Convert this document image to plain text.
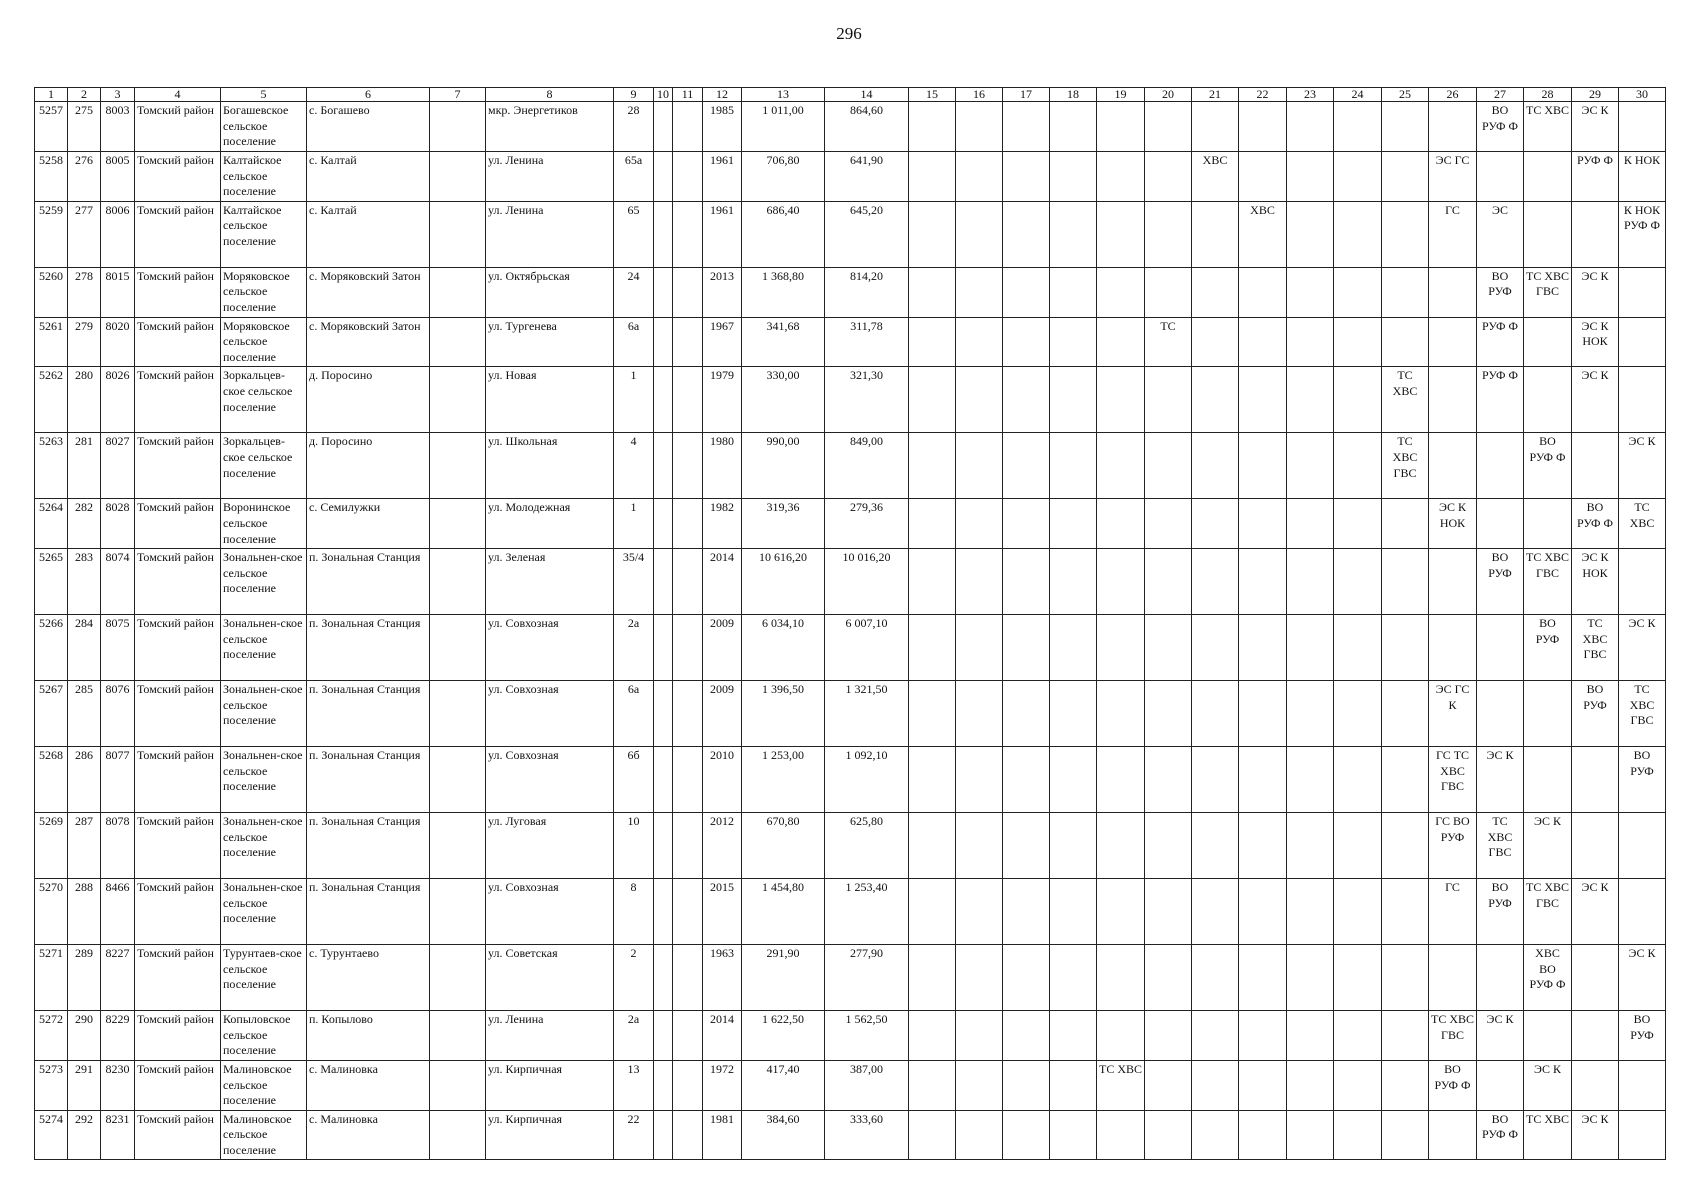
296
1	2	3	4	5	6	7	8	9	10	11	12	13	14	15	16	17	18	19	20	21	22	23	24	25	26	27	28	29	30
5257	275	8003	Томский район	Богашевское сельское поселение	с. Богашево		мкр. Энергетиков	28			1985	1 011,00	864,60													ВО РУФ Ф	ТС ХВС	ЭС К	
5258	276	8005	Томский район	Калтайское сельское поселение	с. Калтай		ул. Ленина	65а			1961	706,80	641,90							ХВС					ЭС ГС			РУФ Ф	К НОК
5259	277	8006	Томский район	Калтайское сельское поселение	с. Калтай		ул. Ленина	65			1961	686,40	645,20								ХВС				ГС	ЭС			К НОК РУФ Ф
5260	278	8015	Томский район	Моряковское сельское поселение	с. Моряковский Затон		ул. Октябрьская	24			2013	1 368,80	814,20													ВО РУФ	ТС ХВС ГВС	ЭС К	
5261	279	8020	Томский район	Моряковское сельское поселение	с. Моряковский Затон		ул. Тургенева	6а			1967	341,68	311,78						ТС							РУФ Ф		ЭС К НОК	
5262	280	8026	Томский район	Зоркальцев-ское сельское поселение	д. Поросино		ул. Новая	1			1979	330,00	321,30											ТС ХВС		РУФ Ф		ЭС К	
5263	281	8027	Томский район	Зоркальцев-ское сельское поселение	д. Поросино		ул. Школьная	4			1980	990,00	849,00											ТС ХВС ГВС			ВО РУФ Ф		ЭС К
5264	282	8028	Томский район	Воронинское сельское поселение	с. Семилужки		ул. Молодежная	1			1982	319,36	279,36												ЭС К НОК			ВО РУФ Ф	ТС ХВС
5265	283	8074	Томский район	Зональнен-ское сельское поселение	п. Зональная Станция		ул. Зеленая	35/4			2014	10 616,20	10 016,20													ВО РУФ	ТС ХВС ГВС	ЭС К НОК	
5266	284	8075	Томский район	Зональнен-ское сельское поселение	п. Зональная Станция		ул. Совхозная	2а			2009	6 034,10	6 007,10														ВО РУФ	ТС ХВС ГВС	ЭС К
5267	285	8076	Томский район	Зональнен-ское сельское поселение	п. Зональная Станция		ул. Совхозная	6а			2009	1 396,50	1 321,50												ЭС ГС К			ВО РУФ	ТС ХВС ГВС
5268	286	8077	Томский район	Зональнен-ское сельское поселение	п. Зональная Станция		ул. Совхозная	6б			2010	1 253,00	1 092,10												ГС ТС ХВС ГВС	ЭС К			ВО РУФ
5269	287	8078	Томский район	Зональнен-ское сельское поселение	п. Зональная Станция		ул. Луговая	10			2012	670,80	625,80												ГС ВО РУФ	ТС ХВС ГВС	ЭС К		
5270	288	8466	Томский район	Зональнен-ское сельское поселение	п. Зональная Станция		ул. Совхозная	8			2015	1 454,80	1 253,40												ГС	ВО РУФ	ТС ХВС ГВС	ЭС К	
5271	289	8227	Томский район	Турунтаев-ское сельское поселение	с. Турунтаево		ул. Советская	2			1963	291,90	277,90														ХВС ВО РУФ Ф		ЭС К
5272	290	8229	Томский район	Копыловское сельское поселение	п. Копылово		ул. Ленина	2а			2014	1 622,50	1 562,50												ТС ХВС ГВС	ЭС К			ВО РУФ
5273	291	8230	Томский район	Малиновское сельское поселение	с. Малиновка		ул. Кирпичная	13			1972	417,40	387,00					ТС ХВС							ВО РУФ Ф		ЭС К		
5274	292	8231	Томский район	Малиновское сельское поселение	с. Малиновка		ул. Кирпичная	22			1981	384,60	333,60													ВО РУФ Ф	ТС ХВС	ЭС К	
